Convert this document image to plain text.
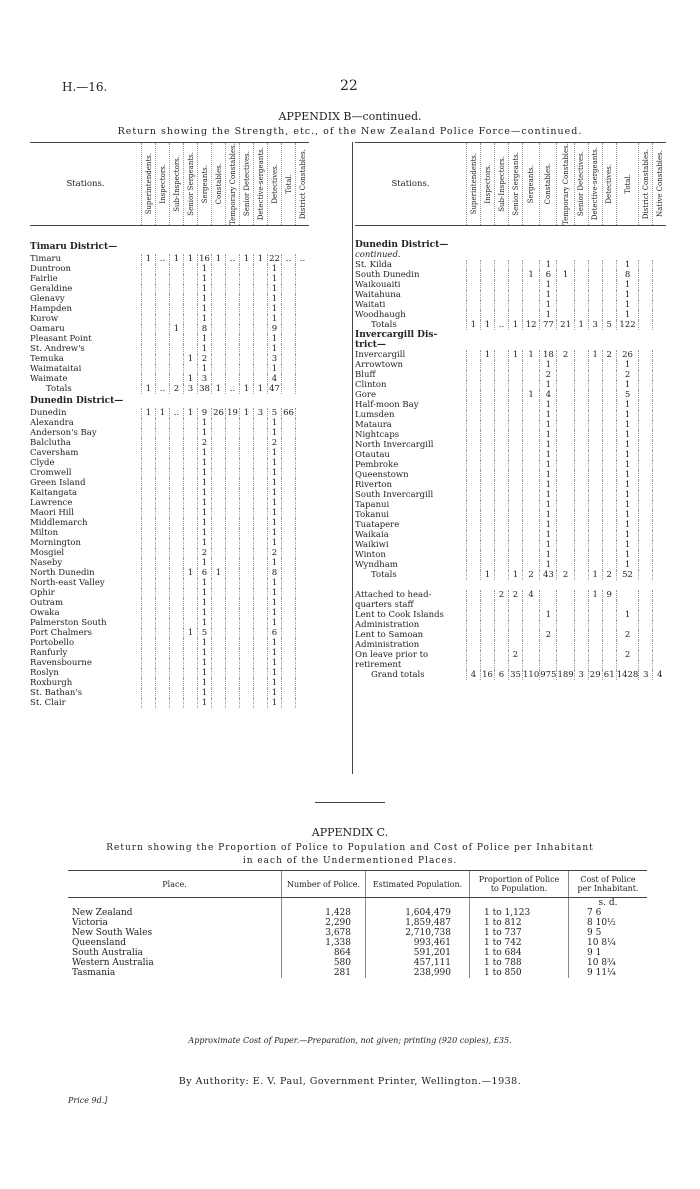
H.—16.	22
APPENDIX B—continued.
Return showing the Strength, etc., of the New Zealand Police Force—continued.
Stations.	Superintendents.	Inspectors.	Sub-Inspectors.	Senior Sergeants.	Sergeants.	Constables.	Temporary Constables.	Senior Detectives.	Detective-sergeants.	Detectives.	Total.	District Constables.

Timaru District—												
Timaru	1	..	1	1	16	1	..	1	1	22	..	..
Duntroon					1					1		
Fairlie					1					1		
Geraldine					1					1		
Glenavy					1					1		
Hampden					1					1		
Kurow					1					1		
Oamaru			1		8					9		
Pleasant Point					1					1		
St. Andrew's					1					1		
Temuka				1	2					3		
Waimataitai					1					1		
Waimate				1	3					4		
Totals	1	..	2	3	38	1	..	1	1	47		
Dunedin District—												
Dunedin	1	1	..	1	9	26	19	1	3	5	66	
Alexandra					1					1		
Anderson's Bay					1					1		
Balclutha					2					2		
Caversham					1					1		
Clyde					1					1		
Cromwell					1					1		
Green Island					1					1		
Kaitangata					1					1		
Lawrence					1					1		
Maori Hill					1					1		
Middlemarch					1					1		
Milton					1					1		
Mornington					1					1		
Mosgiel					2					2		
Naseby					1					1		
North Dunedin				1	6	1				8		
North-east Valley					1					1		
Ophir					1					1		
Outram					1					1		
Owaka					1					1		
Palmerston South					1					1		
Port Chalmers				1	5					6		
Portobello					1					1		
Ranfurly					1					1		
Ravensbourne					1					1		
Roslyn					1					1		
Roxburgh					1					1		
St. Bathan's					1					1		
St. Clair					1					1		
Stations.	Superintendents.	Inspectors.	Sub-Inspectors.	Senior Sergeants.	Sergeants.	Constables.	Temporary Constables.	Senior Detectives.	Detective-sergeants.	Detectives.	Total.	District Constables.	Native Constables.

Dunedin District—													
continued.													
St. Kilda						1					1		
South Dunedin					1	6	1				8		
Waikouaiti						1					1		
Waitahuna						1					1		
Waitati						1					1		
Woodhaugh						1					1		
Totals	1	1	..	1	12	77	21	1	3	5	122		
Invercargill Dis-													
trict—													
Invercargill		1		1	1	18	2		1	2	26		
Arrowtown						1					1		
Bluff						2					2		
Clinton						1					1		
Gore					1	4					5		
Half-moon Bay						1					1		
Lumsden						1					1		
Mataura						1					1		
Nightcaps						1					1		
North Invercargill						1					1		
Otautau						1					1		
Pembroke						1					1		
Queenstown						1					1		
Riverton						1					1		
South Invercargill						1					1		
Tapanui						1					1		
Tokanui						1					1		
Tuatapere						1					1		
Waikaia						1					1		
Waikiwi						1					1		
Winton						1					1		
Wyndham						1					1		
Totals		1		1	2	43	2		1	2	52		

Attached to head-			2	2	4				1	9			
quarters staff													
Lent to Cook Islands						1					1		
Administration													
Lent to Samoan						2					2		
Administration													
On leave prior to				2							2		
retirement													
Grand totals	4	16	6	35	110	975	189	3	29	61	1428	3	4
APPENDIX C.
Return showing the Proportion of Police to Population and Cost of Police per Inhabitant
in each of the Undermentioned Places.
Place.	Number of Police.	Estimated Population.	Proportion of Police to Population.	Cost of Police per Inhabitant.
				s. d.
New Zealand	1,428	1,604,479	1 to 1,123	7 6
Victoria	2,290	1,859,487	1 to 812	8 10½
New South Wales	3,678	2,710,738	1 to 737	9 5
Queensland	1,338	993,461	1 to 742	10 8¼
South Australia	864	591,201	1 to 684	9 1
Western Australia	580	457,111	1 to 788	10 8¾
Tasmania	281	238,990	1 to 850	9 11¼
Approximate Cost of Paper.—Preparation, not given; printing (920 copies), £35.
By Authority: E. V. Paul, Government Printer, Wellington.—1938.
Price 9d.]
